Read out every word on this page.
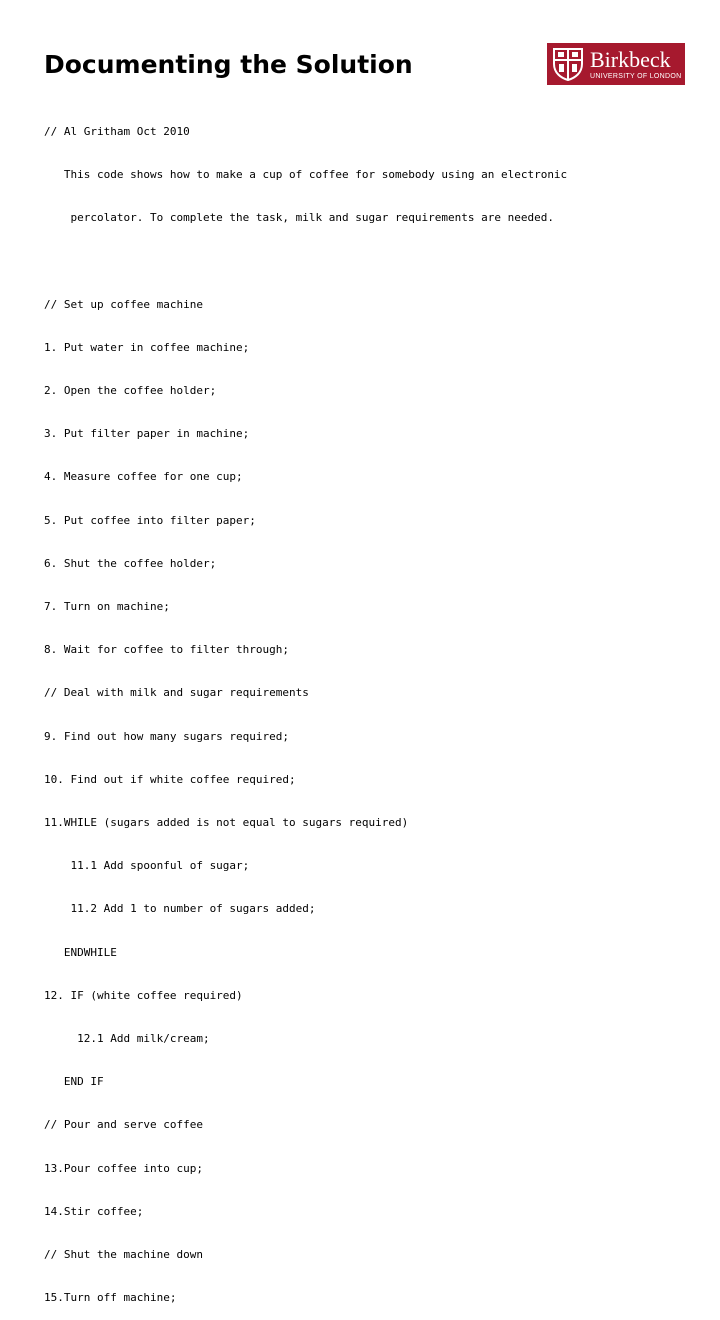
Documenting the Solution	Birkbeck
UNIVERSITY OF LONDON

// Al Gritham Oct 2010

This code shows how to make a cup of coffee for somebody using an electronic

percolator. To complete the task, milk and sugar requirements are needed.

// Set up coffee machine

1. Put water in coffee machine;

2. Open the coffee holder;

3. Put filter paper in machine;

4. Measure coffee for one cup;

5. Put coffee into filter paper;

6. Shut the coffee holder;

7. Turn on machine;

8. Wait for coffee to filter through;

// Deal with milk and sugar requirements

9. Find out how many sugars required;

10. Find out if white coffee required;

11.WHILE (sugars added is not equal to sugars required)

11.1 Add spoonful of sugar;

11.2 Add 1 to number of sugars added;

ENDWHILE

12. IF (white coffee required)

12.1 Add milk/cream;

END IF

// Pour and serve coffee

13.Pour coffee into cup;

14.Stir coffee;

// Shut the machine down

15.Turn off machine;
